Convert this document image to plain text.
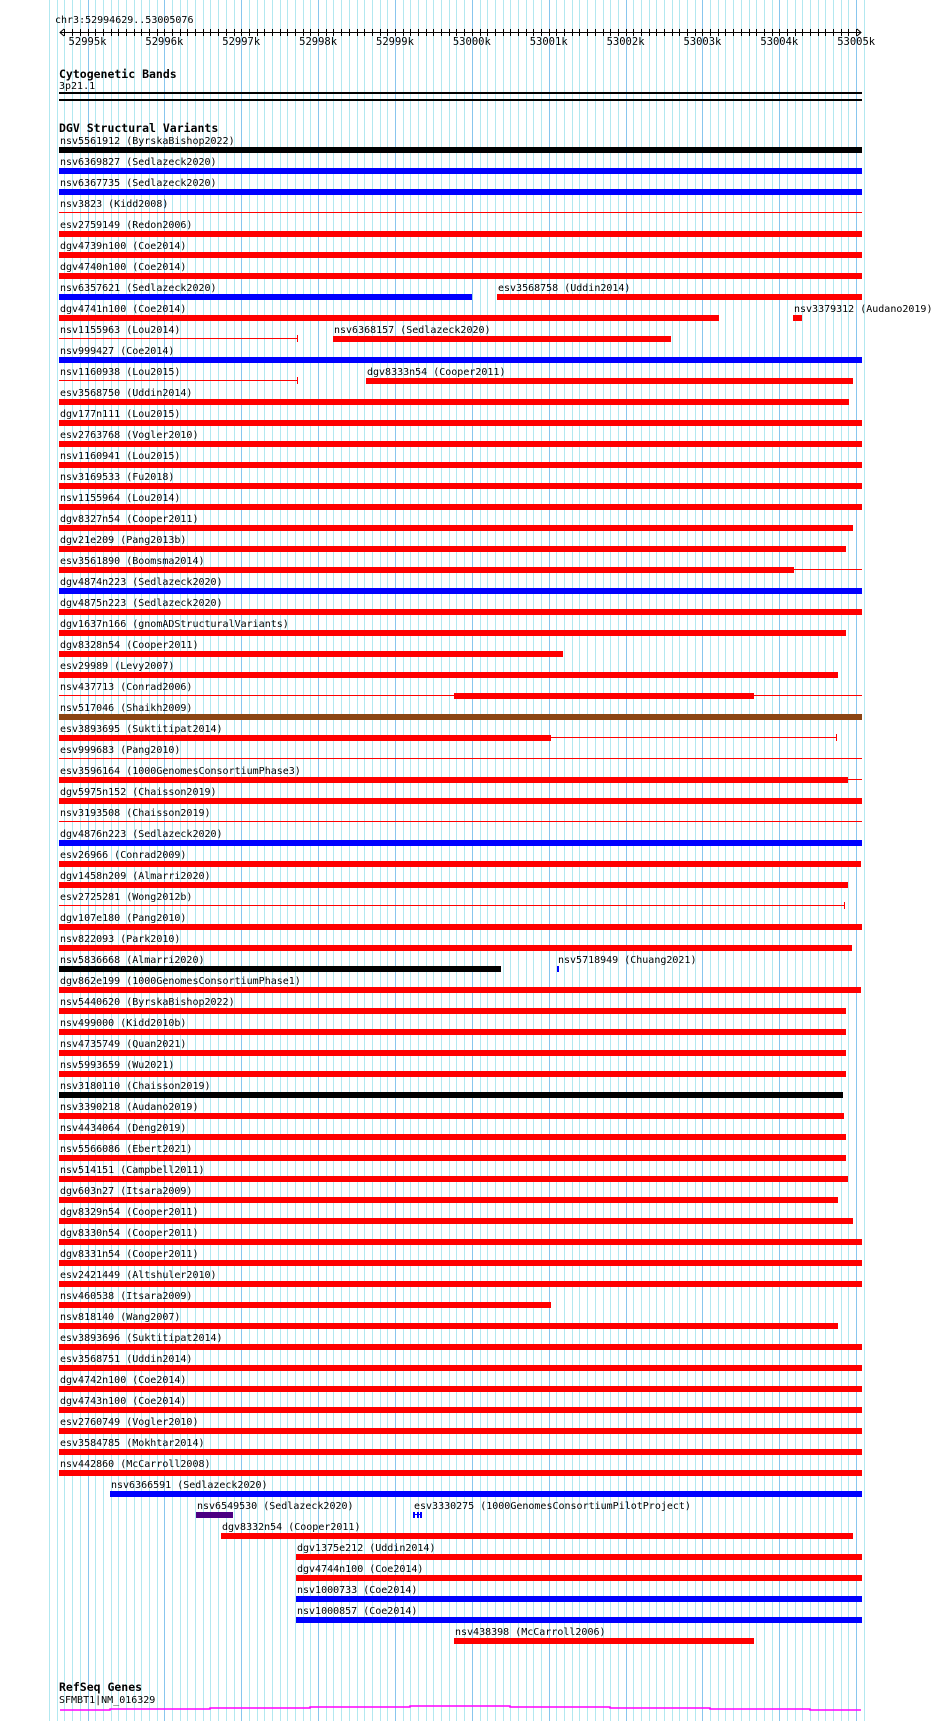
chr3:52994629..53005076
52995k	52996k	52997k	52998k	52999k	53000k	53001k	53002k	53003k	53004k	53005k
Cytogenetic Bands
3p21.1
DGV Structural Variants
nsv5561912 (ByrskaBishop2022)
nsv6369827 (Sedlazeck2020)
nsv6367735 (Sedlazeck2020)
nsv3823 (Kidd2008)
esv2759149 (Redon2006)
dgv4739n100 (Coe2014)
dgv4740n100 (Coe2014)
nsv6357621 (Sedlazeck2020)	esv3568758 (Uddin2014)
dgv4741n100 (Coe2014)	nsv3379312 (Audano2019)
nsv1155963 (Lou2014)	nsv6368157 (Sedlazeck2020)
nsv999427 (Coe2014)
nsv1160938 (Lou2015)	dgv8333n54 (Cooper2011)
esv3568750 (Uddin2014)
dgv177n111 (Lou2015)
esv2763768 (Vogler2010)
nsv1160941 (Lou2015)
nsv3169533 (Fu2018)
nsv1155964 (Lou2014)
dgv8327n54 (Cooper2011)
dgv21e209 (Pang2013b)
esv3561890 (Boomsma2014)
dgv4874n223 (Sedlazeck2020)
dgv4875n223 (Sedlazeck2020)
dgv1637n166 (gnomADStructuralVariants)
dgv8328n54 (Cooper2011)
esv29989 (Levy2007)
nsv437713 (Conrad2006)
nsv517046 (Shaikh2009)
esv3893695 (Suktitipat2014)
esv999683 (Pang2010)
esv3596164 (1000GenomesConsortiumPhase3)
dgv5975n152 (Chaisson2019)
nsv3193508 (Chaisson2019)
dgv4876n223 (Sedlazeck2020)
esv26966 (Conrad2009)
dgv1458n209 (Almarri2020)
esv2725281 (Wong2012b)
dgv107e180 (Pang2010)
nsv822093 (Park2010)
nsv5836668 (Almarri2020)	nsv5718949 (Chuang2021)
dgv862e199 (1000GenomesConsortiumPhase1)
nsv5440620 (ByrskaBishop2022)
nsv499000 (Kidd2010b)
nsv4735749 (Quan2021)
nsv5993659 (Wu2021)
nsv3180110 (Chaisson2019)
nsv3390218 (Audano2019)
nsv4434064 (Deng2019)
nsv5566086 (Ebert2021)
nsv514151 (Campbell2011)
dgv603n27 (Itsara2009)
dgv8329n54 (Cooper2011)
dgv8330n54 (Cooper2011)
dgv8331n54 (Cooper2011)
esv2421449 (Altshuler2010)
nsv460538 (Itsara2009)
nsv818140 (Wang2007)
esv3893696 (Suktitipat2014)
esv3568751 (Uddin2014)
dgv4742n100 (Coe2014)
dgv4743n100 (Coe2014)
esv2760749 (Vogler2010)
esv3584785 (Mokhtar2014)
nsv442860 (McCarroll2008)
nsv6366591 (Sedlazeck2020)
nsv6549530 (Sedlazeck2020)	esv3330275 (1000GenomesConsortiumPilotProject)
dgv8332n54 (Cooper2011)
dgv1375e212 (Uddin2014)
dgv4744n100 (Coe2014)
nsv1000733 (Coe2014)
nsv1000857 (Coe2014)
nsv438398 (McCarroll2006)
RefSeq Genes
SFMBT1|NM_016329
